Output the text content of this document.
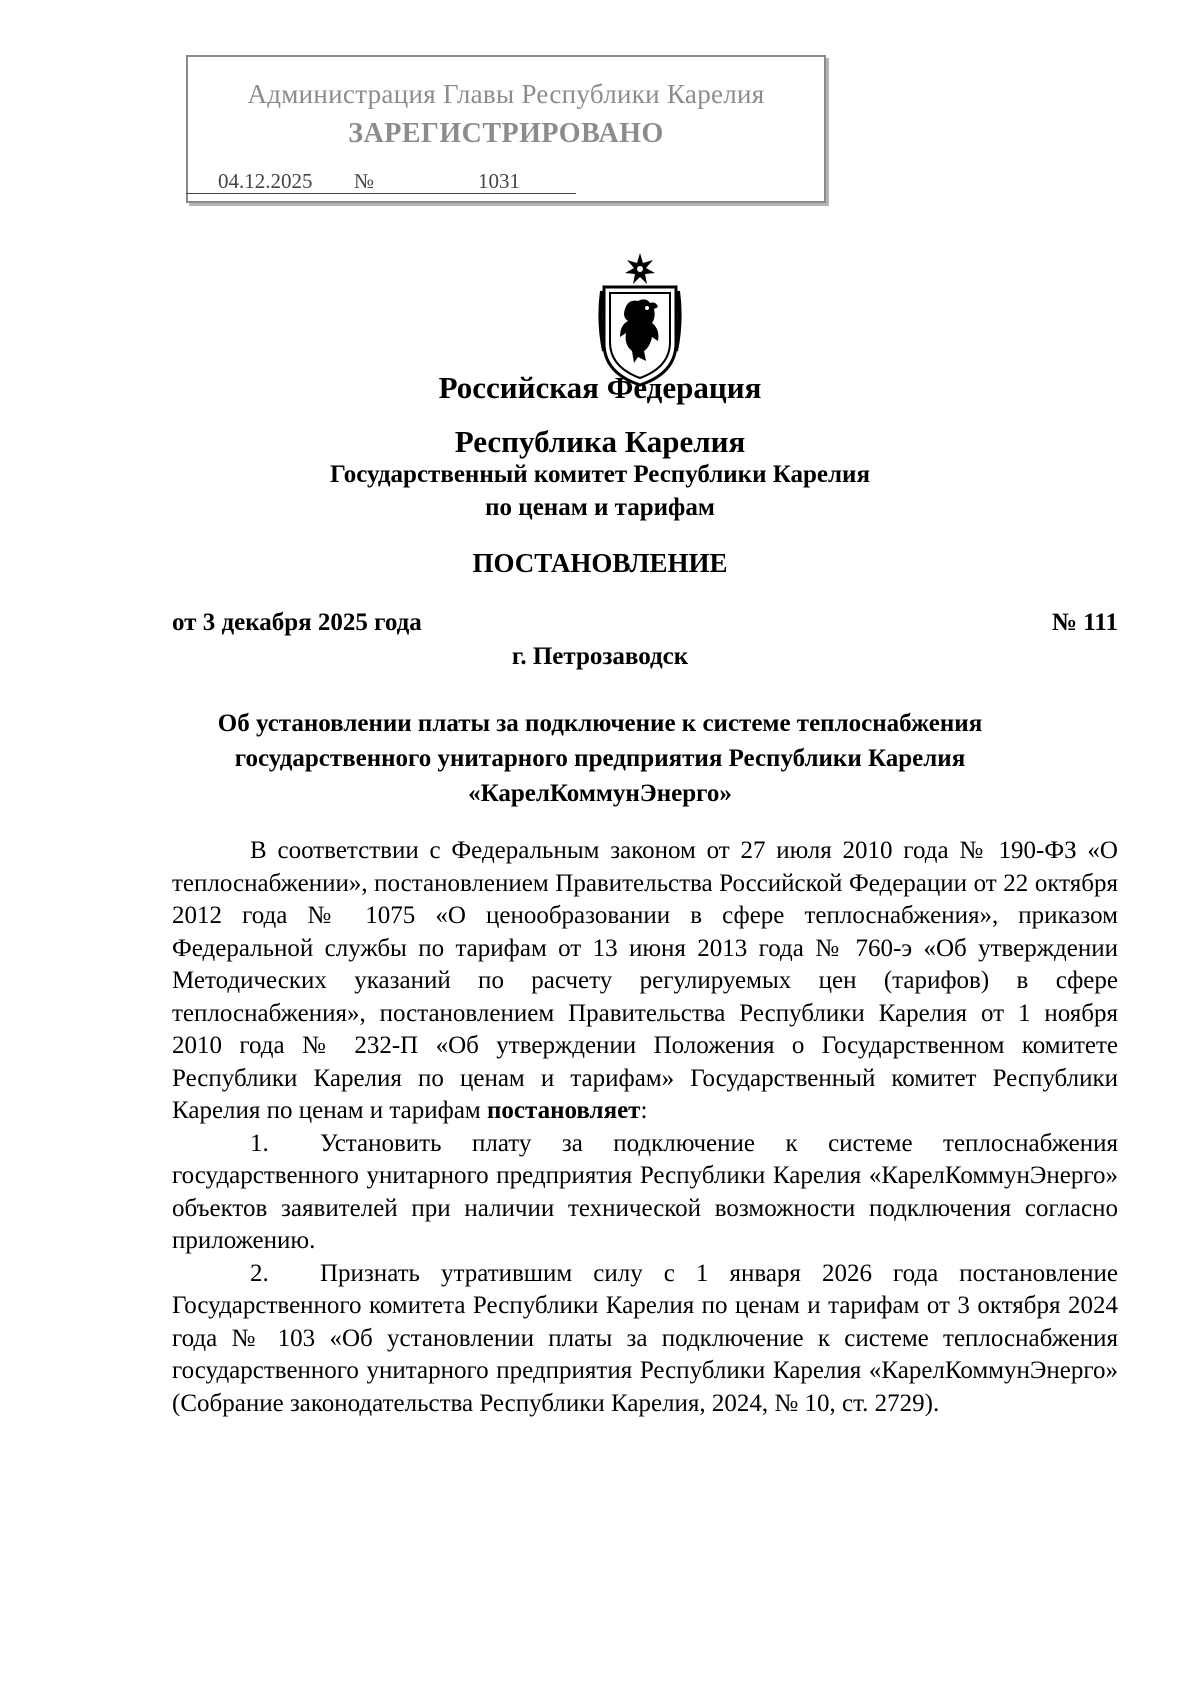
Администрация Главы Республики Карелия
ЗАРЕГИСТРИРОВАНО
04.12.2025 №	1031
Российская Федерация
Республика Карелия
Государственный комитет Республики Карелия
по ценам и тарифам
ПОСТАНОВЛЕНИЕ
от 3 декабря 2025 года	№ 111
г. Петрозаводск
Об установлении платы за подключение к системе теплоснабжения
государственного унитарного предприятия Республики Карелия
«КарелКоммунЭнерго»

В соответствии с Федеральным законом от 27 июля 2010 года № 190-ФЗ «О теплоснабжении», постановлением Правительства Российской Федерации от 22 октября 2012 года № 1075 «О ценообразовании в сфере теплоснабжения», приказом Федеральной службы по тарифам от 13 июня 2013 года № 760-э «Об утверждении Методических указаний по расчету регулируемых цен (тарифов) в сфере теплоснабжения», постановлением Правительства Республики Карелия от 1 ноября 2010 года № 232-П «Об утверждении Положения о Государственном комитете Республики Карелия по ценам и тарифам» Государственный комитет Республики Карелия по ценам и тарифам постановляет:

1. Установить плату за подключение к системе теплоснабжения государственного унитарного предприятия Республики Карелия «КарелКоммунЭнерго» объектов заявителей при наличии технической возможности подключения согласно приложению.

2. Признать утратившим силу с 1 января 2026 года постановление Государственного комитета Республики Карелия по ценам и тарифам от 3 октября 2024 года № 103 «Об установлении платы за подключение к системе теплоснабжения государственного унитарного предприятия Республики Карелия «КарелКоммунЭнерго» (Собрание законодательства Республики Карелия, 2024, № 10, ст. 2729).
